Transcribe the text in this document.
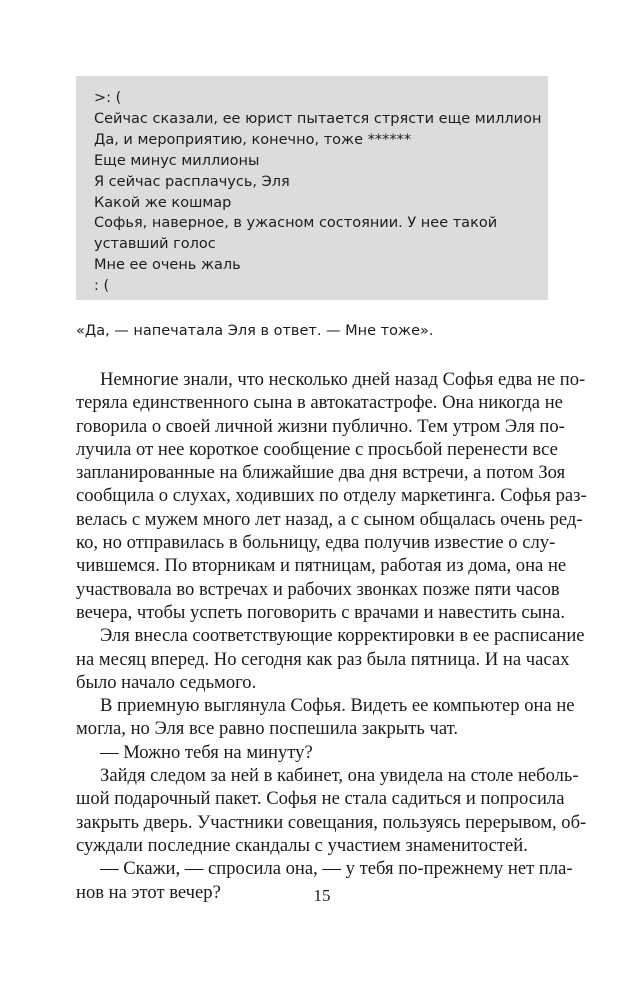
>: (
Сейчас сказали, ее юрист пытается стрясти еще миллион
Да, и мероприятию, конечно, тоже ******
Еще минус миллионы
Я сейчас расплачусь, Эля
Какой же кошмар
Софья, наверное, в ужасном состоянии. У нее такой
уставший голос
Мне ее очень жаль
: (
«Да, — напечатала Эля в ответ. — Мне тоже».
Немногие знали, что несколько дней назад Софья едва не по-
теряла единственного сына в автокатастрофе. Она никогда не
говорила о своей личной жизни публично. Тем утром Эля по-
лучила от нее короткое сообщение с просьбой перенести все
запланированные на ближайшие два дня встречи, а потом Зоя
сообщила о слухах, ходивших по отделу маркетинга. Софья раз-
велась с мужем много лет назад, а с сыном общалась очень ред-
ко, но отправилась в больницу, едва получив известие о слу-
чившемся. По вторникам и пятницам, работая из дома, она не
участвовала во встречах и рабочих звонках позже пяти часов
вечера, чтобы успеть поговорить с врачами и навестить сына.
Эля внесла соответствующие корректировки в ее расписание
на месяц вперед. Но сегодня как раз была пятница. И на часах
было начало седьмого.
В приемную выглянула Софья. Видеть ее компьютер она не
могла, но Эля все равно поспешила закрыть чат.
— Можно тебя на минуту?
Зайдя следом за ней в кабинет, она увидела на столе неболь-
шой подарочный пакет. Софья не стала садиться и попросила
закрыть дверь. Участники совещания, пользуясь перерывом, об-
суждали последние скандалы с участием знаменитостей.
— Скажи, — спросила она, — у тебя по-прежнему нет пла-
нов на этот вечер?	15
